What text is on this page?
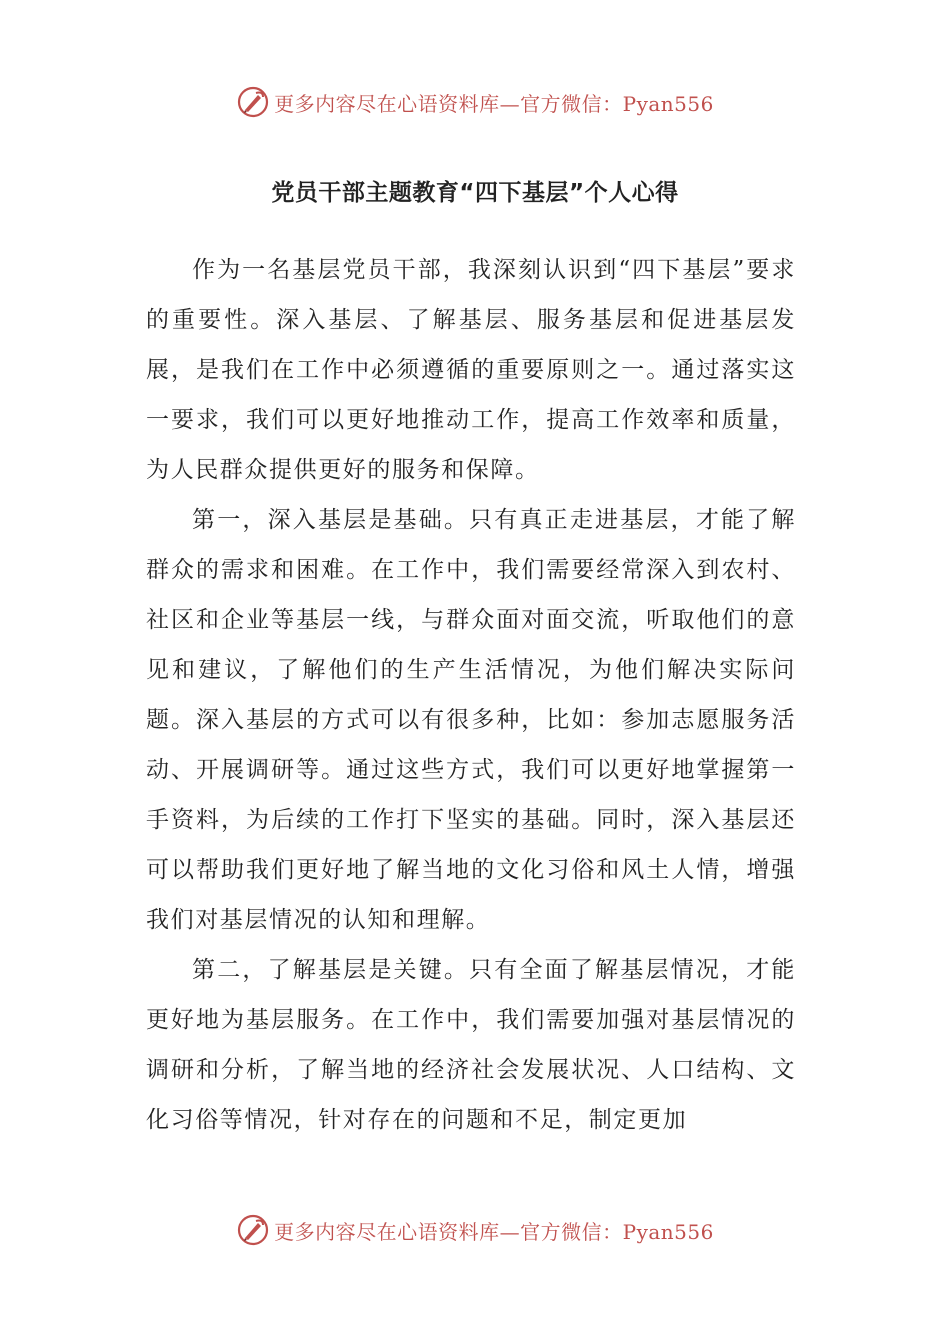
更多内容尽在心语资料库—官方微信：Pyan556
党员干部主题教育“四下基层”个人心得

作为一名基层党员干部，我深刻认识到“四下基层”要求的重要性。深入基层、了解基层、服务基层和促进基层发展，是我们在工作中必须遵循的重要原则之一。通过落实这一要求，我们可以更好地推动工作，提高工作效率和质量，为人民群众提供更好的服务和保障。

第一，深入基层是基础。只有真正走进基层，才能了解群众的需求和困难。在工作中，我们需要经常深入到农村、社区和企业等基层一线，与群众面对面交流，听取他们的意见和建议，了解他们的生产生活情况，为他们解决实际问题。深入基层的方式可以有很多种，比如：参加志愿服务活动、开展调研等。通过这些方式，我们可以更好地掌握第一手资料，为后续的工作打下坚实的基础。同时，深入基层还可以帮助我们更好地了解当地的文化习俗和风土人情，增强我们对基层情况的认知和理解。

第二，了解基层是关键。只有全面了解基层情况，才能更好地为基层服务。在工作中，我们需要加强对基层情况的调研和分析，了解当地的经济社会发展状况、人口结构、文化习俗等情况，针对存在的问题和不足，制定更加

更多内容尽在心语资料库—官方微信：Pyan556
